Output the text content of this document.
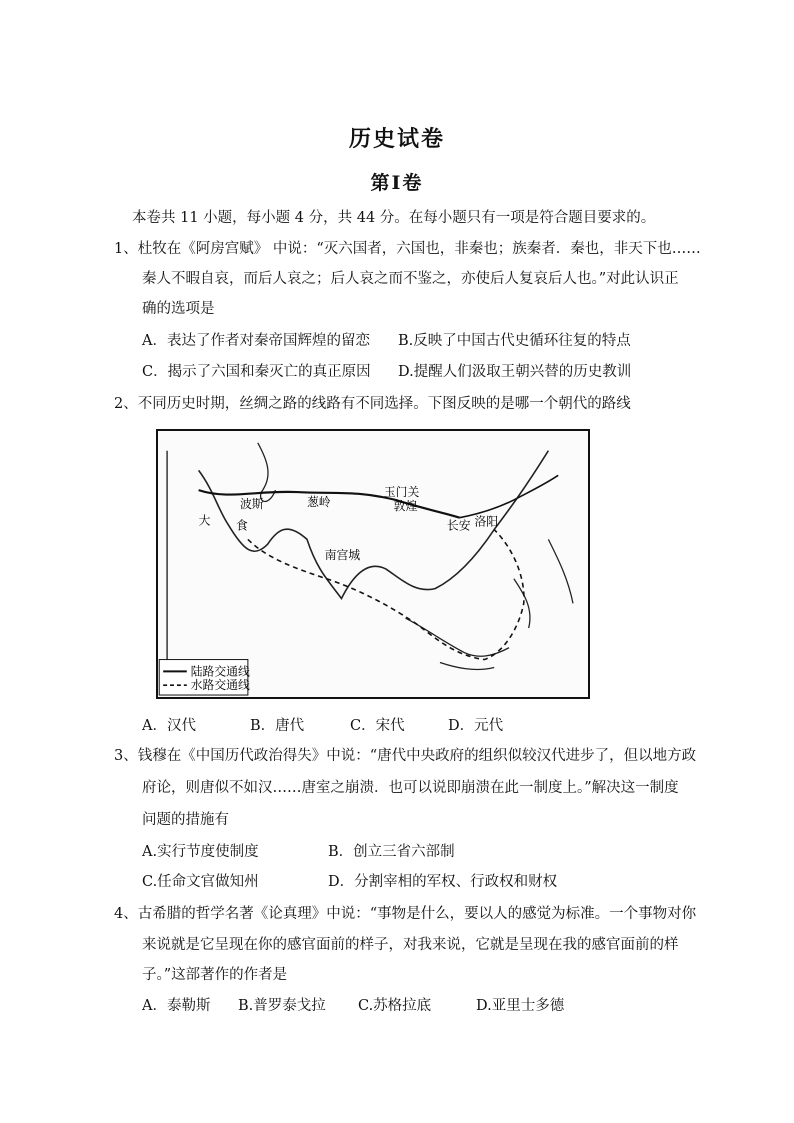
历史试卷
第Ⅰ卷
本卷共 11 小题，每小题 4 分，共 44 分。在每小题只有一项是符合题目要求的。
1、杜牧在《阿房宫赋》 中说：“灭六国者，六国也，非秦也；族秦者．秦也，非天下也……
秦人不暇自哀，而后人哀之；后人哀之而不鉴之，亦使后人复哀后人也。”对此认识正
确的选项是
A．表达了作者对秦帝国辉煌的留恋 B.反映了中国古代史循环往复的特点
C．揭示了六国和秦灭亡的真正原因 D.提醒人们汲取王朝兴替的历史教训
2、不同历史时期，丝绸之路的线路有不同选择。下图反映的是哪一个朝代的路线
波斯
大 食
葱岭	敦煌
玉门关
长安 洛阳
南宫城
陆路交通线
水路交通线
A．汉代	B．唐代	C．宋代	D．元代
3、钱穆在《中国历代政治得失》中说：“唐代中央政府的组织似较汉代进步了，但以地方政
府论，则唐似不如汉……唐室之崩溃．也可以说即崩溃在此一制度上。”解决这一制度
问题的措施有
A.实行节度使制度	B．创立三省六部制
C.任命文官做知州	D．分割宰相的军权、行政权和财权
4、古希腊的哲学名著《论真理》中说：“事物是什么，要以人的感觉为标准。一个事物对你
来说就是它呈现在你的感官面前的样子，对我来说，它就是呈现在我的感官面前的样
子。”这部著作的作者是
A．泰勒斯 B.普罗泰戈拉 C.苏格拉底	D.亚里士多德
